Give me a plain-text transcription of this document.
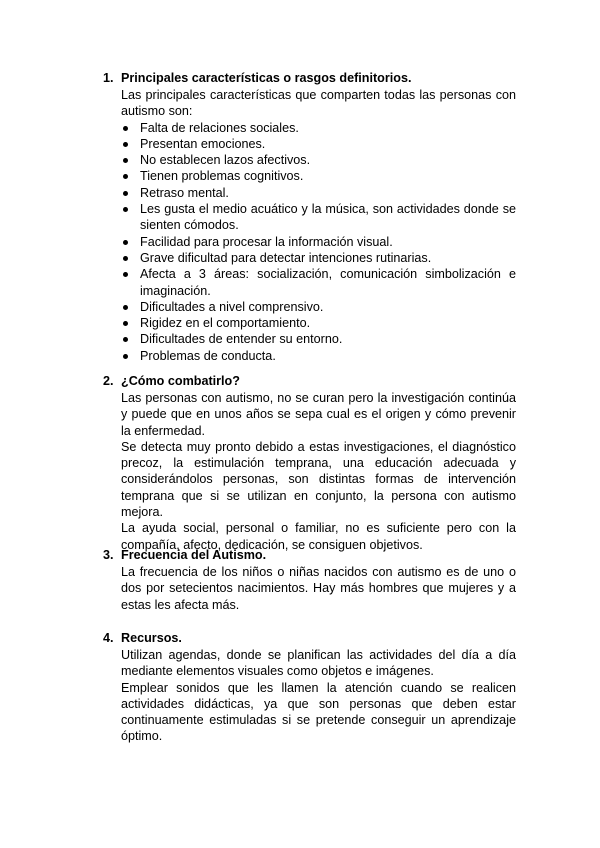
1. Principales características o rasgos definitorios.
Las principales características que comparten todas las personas con autismo son:
Falta de relaciones sociales.
Presentan emociones.
No establecen lazos afectivos.
Tienen problemas cognitivos.
Retraso mental.
Les gusta el medio acuático y la música, son actividades donde se sienten cómodos.
Facilidad para procesar la información visual.
Grave dificultad para detectar intenciones rutinarias.
Afecta a 3 áreas: socialización, comunicación simbolización e imaginación.
Dificultades a nivel comprensivo.
Rigidez en el comportamiento.
Dificultades de entender su entorno.
Problemas de conducta.
2. ¿Cómo combatirlo?
Las personas con autismo, no se curan pero la investigación continúa y puede que en unos años se sepa cual es el origen y cómo prevenir la enfermedad.
Se detecta muy pronto debido a estas investigaciones, el diagnóstico precoz, la estimulación temprana, una educación adecuada y considerándolos personas, son distintas formas de intervención temprana que si se utilizan en conjunto, la persona con autismo mejora.
La ayuda social, personal o familiar, no es suficiente pero con la compañía, afecto, dedicación, se consiguen objetivos.
3. Frecuencia del Autismo.
La frecuencia de los niños o niñas nacidos con autismo es de uno o dos por setecientos nacimientos. Hay más hombres que mujeres y a estas les afecta más.
4. Recursos.
Utilizan agendas, donde se planifican las actividades del día a día mediante elementos visuales como objetos e imágenes.
Emplear sonidos que les llamen la atención cuando se realicen actividades didácticas, ya que son personas que deben estar continuamente estimuladas si se pretende conseguir un aprendizaje óptimo.
